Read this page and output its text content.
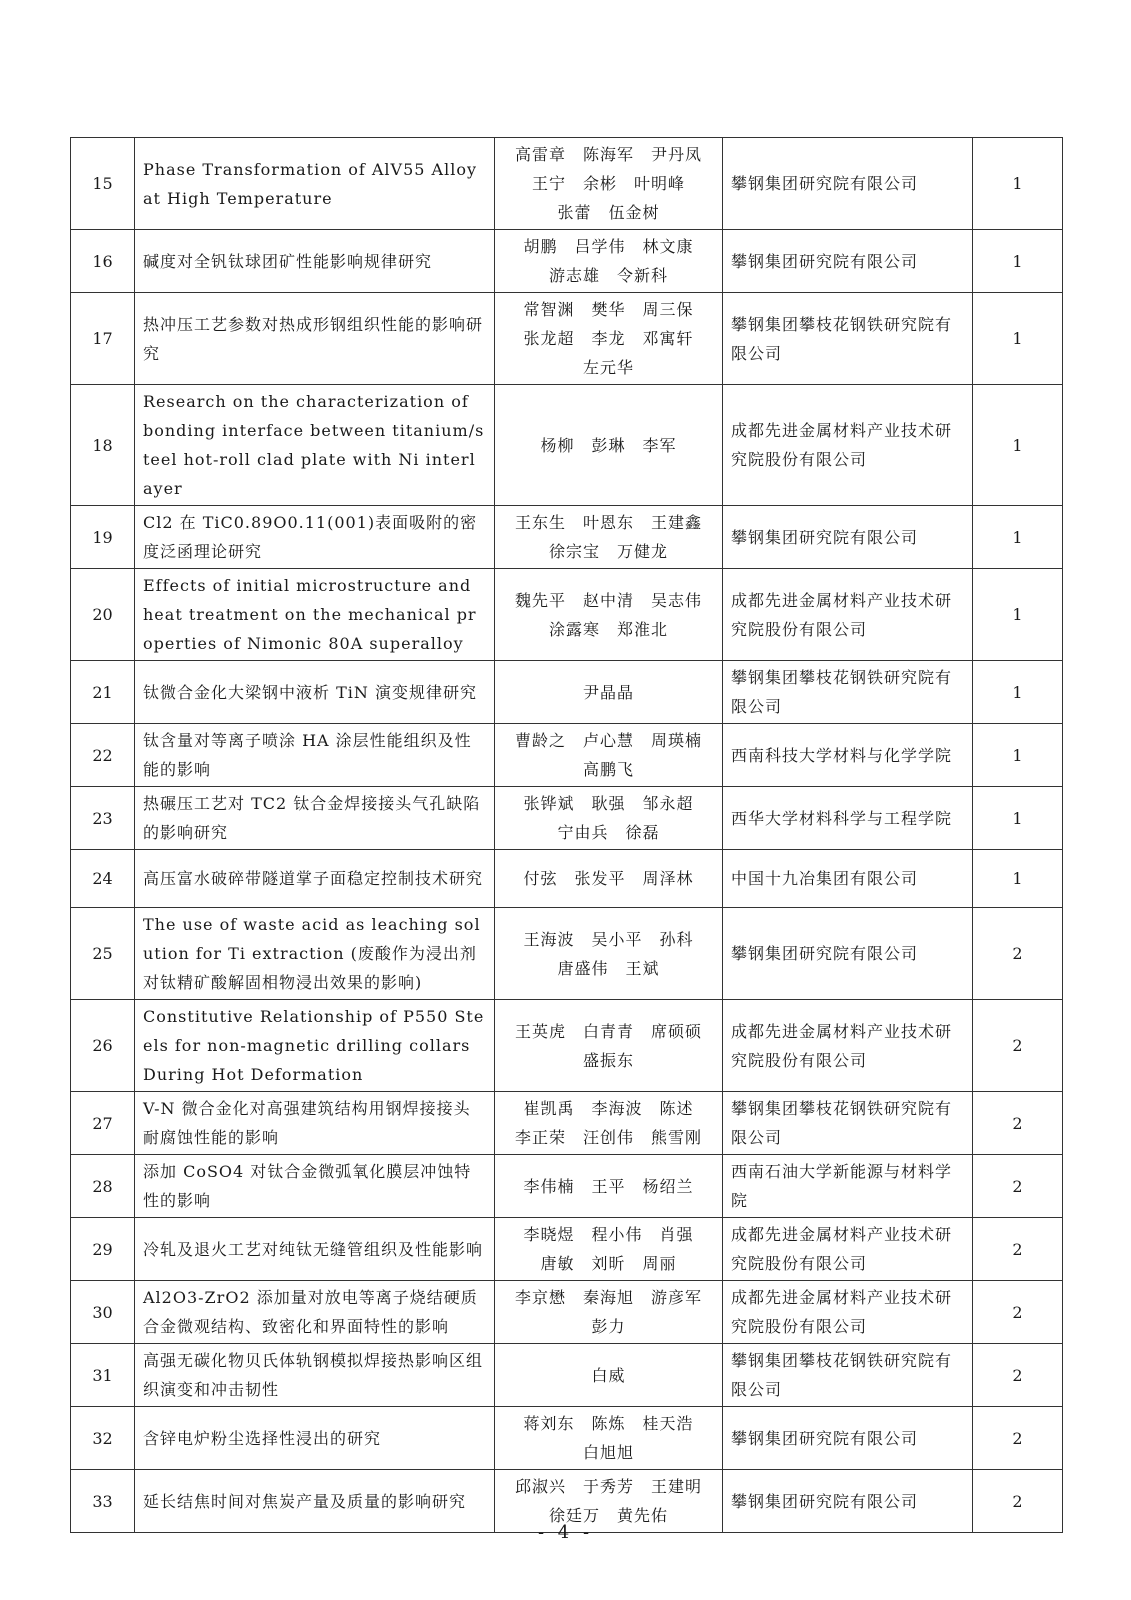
15	Phase Transformation of AlV55 Alloy at High Temperature	高雷章　陈海军　尹丹凤
王宁　余彬　叶明峰
张蕾　伍金树	攀钢集团研究院有限公司	1
16	碱度对全钒钛球团矿性能影响规律研究	胡鹏　吕学伟　林文康
游志雄　令新科	攀钢集团研究院有限公司	1
17	热冲压工艺参数对热成形钢组织性能的影响研究	常智渊　樊华　周三保
张龙超　李龙　邓寓轩
左元华	攀钢集团攀枝花钢铁研究院有限公司	1
18	Research on the characterization of bonding interface between titanium/steel hot-roll clad plate with Ni interlayer	杨柳　彭琳　李军	成都先进金属材料产业技术研究院股份有限公司	1
19	Cl2 在 TiC0.89O0.11(001)表面吸附的密度泛函理论研究	王东生　叶恩东　王建鑫
徐宗宝　万健龙	攀钢集团研究院有限公司	1
20	Effects of initial microstructure and heat treatment on the mechanical properties of Nimonic 80A superalloy	魏先平　赵中清　吴志伟
涂露寒　郑淮北	成都先进金属材料产业技术研究院股份有限公司	1
21	钛微合金化大梁钢中液析 TiN 演变规律研究	尹晶晶	攀钢集团攀枝花钢铁研究院有限公司	1
22	钛含量对等离子喷涂 HA 涂层性能组织及性能的影响	曹龄之　卢心慧　周瑛楠
高鹏飞	西南科技大学材料与化学学院	1
23	热碾压工艺对 TC2 钛合金焊接接头气孔缺陷的影响研究	张铧斌　耿强　邹永超
宁由兵　徐磊	西华大学材料科学与工程学院	1
24	高压富水破碎带隧道掌子面稳定控制技术研究	付弦　张发平　周泽林	中国十九冶集团有限公司	1
25	The use of waste acid as leaching solution for Ti extraction (废酸作为浸出剂对钛精矿酸解固相物浸出效果的影响)	王海波　吴小平　孙科
唐盛伟　王斌	攀钢集团研究院有限公司	2
26	Constitutive Relationship of P550 Steels for non-magnetic drilling collars During Hot Deformation	王英虎　白青青　席硕硕
盛振东	成都先进金属材料产业技术研究院股份有限公司	2
27	V-N 微合金化对高强建筑结构用钢焊接接头耐腐蚀性能的影响	崔凯禹　李海波　陈述
李正荣　汪创伟　熊雪刚	攀钢集团攀枝花钢铁研究院有限公司	2
28	添加 CoSO4 对钛合金微弧氧化膜层冲蚀特性的影响	李伟楠　王平　杨绍兰	西南石油大学新能源与材料学院	2
29	冷轧及退火工艺对纯钛无缝管组织及性能影响	李晓煜　程小伟　肖强
唐敏　刘昕　周丽	成都先进金属材料产业技术研究院股份有限公司	2
30	Al2O3-ZrO2 添加量对放电等离子烧结硬质合金微观结构、致密化和界面特性的影响	李京懋　秦海旭　游彦军
彭力	成都先进金属材料产业技术研究院股份有限公司	2
31	高强无碳化物贝氏体轨钢模拟焊接热影响区组织演变和冲击韧性	白威	攀钢集团攀枝花钢铁研究院有限公司	2
32	含锌电炉粉尘选择性浸出的研究	蒋刘东　陈炼　桂天浩
白旭旭	攀钢集团研究院有限公司	2
33	延长结焦时间对焦炭产量及质量的影响研究	邱淑兴　于秀芳　王建明
徐廷万　黄先佑	攀钢集团研究院有限公司	2
- 4 -
